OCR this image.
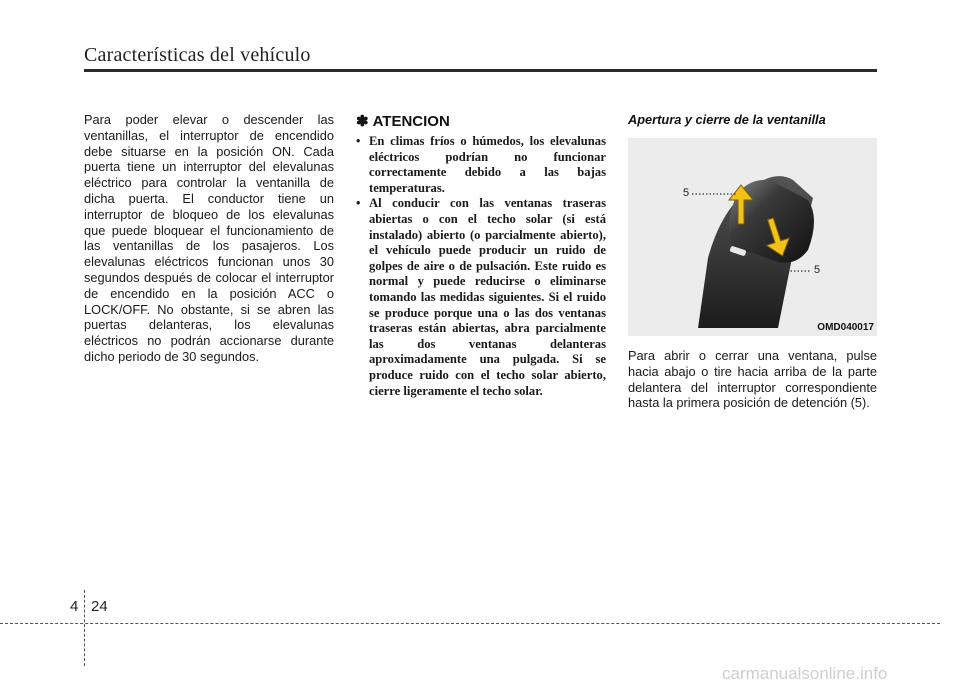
Características del vehículo
Para poder elevar o descender las ventanillas, el interruptor de encendido debe situarse en la posición ON. Cada puerta tiene un interruptor del elevalunas eléctrico para controlar la ventanilla de dicha puerta. El conductor tiene un interruptor de bloqueo de los elevalunas que puede bloquear el funcionamiento de las ventanillas de los pasajeros. Los elevalunas eléctricos funcionan unos 30 segundos después de colocar el interruptor de encendido en la posición ACC o LOCK/OFF. No obstante, si se abren las puertas delanteras, los elevalunas eléctricos no podrán accionarse durante dicho periodo de 30 segundos.
✽ ATENCION
• En climas fríos o húmedos, los elevalunas eléctricos podrían no funcionar correctamente debido a las bajas temperaturas.
• Al conducir con las ventanas traseras abiertas o con el techo solar (si está instalado) abierto (o parcialmente abierto), el vehículo puede producir un ruido de golpes de aire o de pulsación. Este ruido es normal y puede reducirse o eliminarse tomando las medidas siguientes. Si el ruido se produce porque una o las dos ventanas traseras están abiertas, abra parcialmente las dos ventanas delanteras aproximadamente una pulgada. Si se produce ruido con el techo solar abierto, cierre ligeramente el techo solar.
Apertura y cierre de la ventanilla
5
5
OMD040017

Para abrir o cerrar una ventana, pulse hacia abajo o tire hacia arriba de la parte delantera del interruptor correspondiente hasta la primera posición de detención (5).

4 24
carmanualsonline.info
